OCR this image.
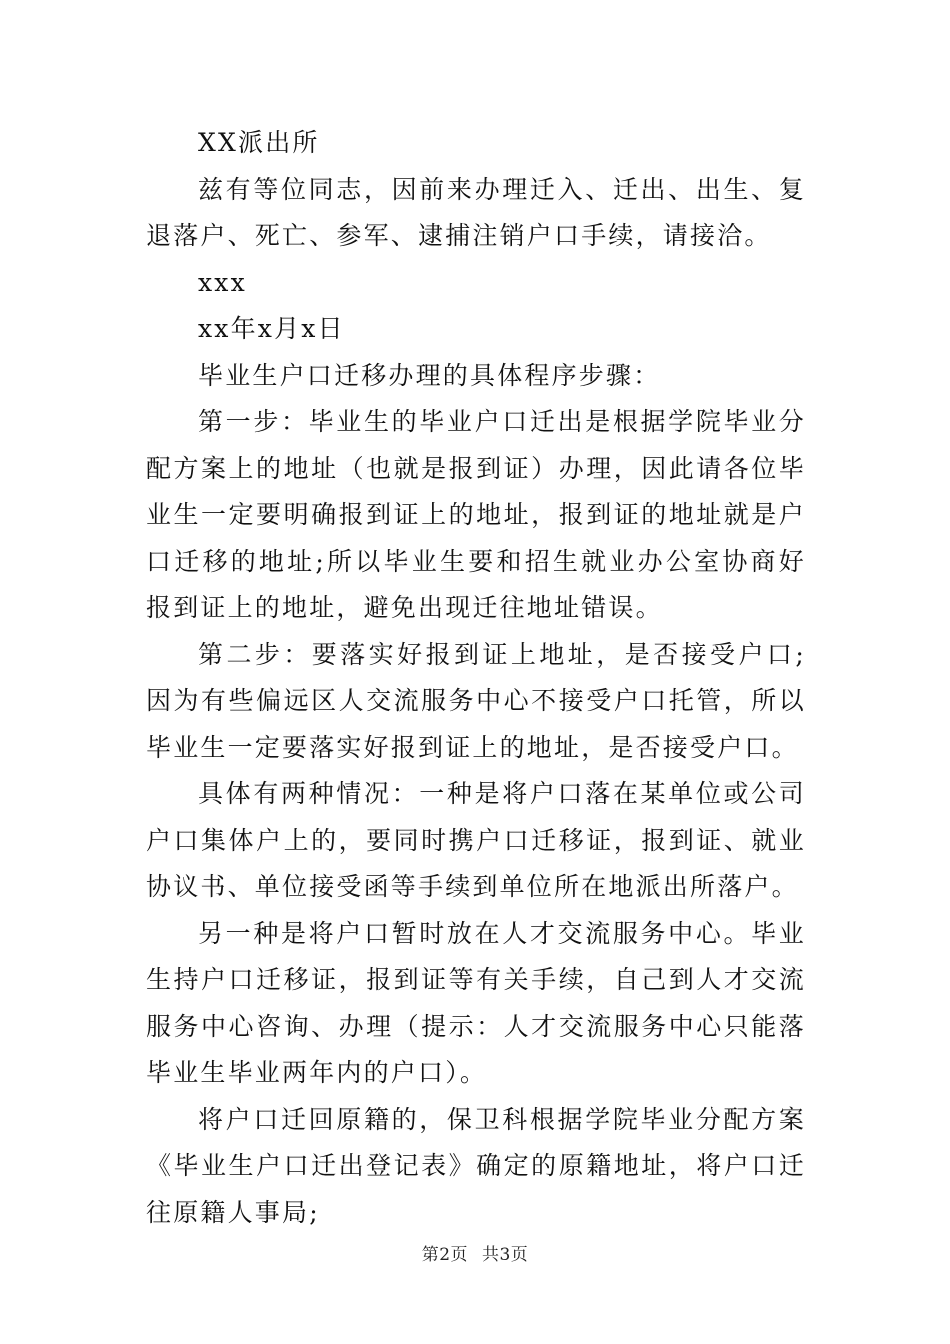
XX派出所

兹有等位同志，因前来办理迁入、迁出、出生、复退落户、死亡、参军、逮捕注销户口手续，请接洽。

xxx

xx年x月x日

毕业生户口迁移办理的具体程序步骤：

第一步：毕业生的毕业户口迁出是根据学院毕业分配方案上的地址（也就是报到证）办理，因此请各位毕业生一定要明确报到证上的地址，报到证的地址就是户口迁移的地址;所以毕业生要和招生就业办公室协商好报到证上的地址，避免出现迁往地址错误。

第二步：要落实好报到证上地址，是否接受户口;因为有些偏远区人交流服务中心不接受户口托管，所以毕业生一定要落实好报到证上的地址，是否接受户口。

具体有两种情况：一种是将户口落在某单位或公司户口集体户上的，要同时携户口迁移证，报到证、就业协议书、单位接受函等手续到单位所在地派出所落户。

另一种是将户口暂时放在人才交流服务中心。毕业生持户口迁移证，报到证等有关手续，自己到人才交流服务中心咨询、办理（提示：人才交流服务中心只能落毕业生毕业两年内的户口）。

将户口迁回原籍的，保卫科根据学院毕业分配方案《毕业生户口迁出登记表》确定的原籍地址，将户口迁往原籍人事局;

第2页 共3页
